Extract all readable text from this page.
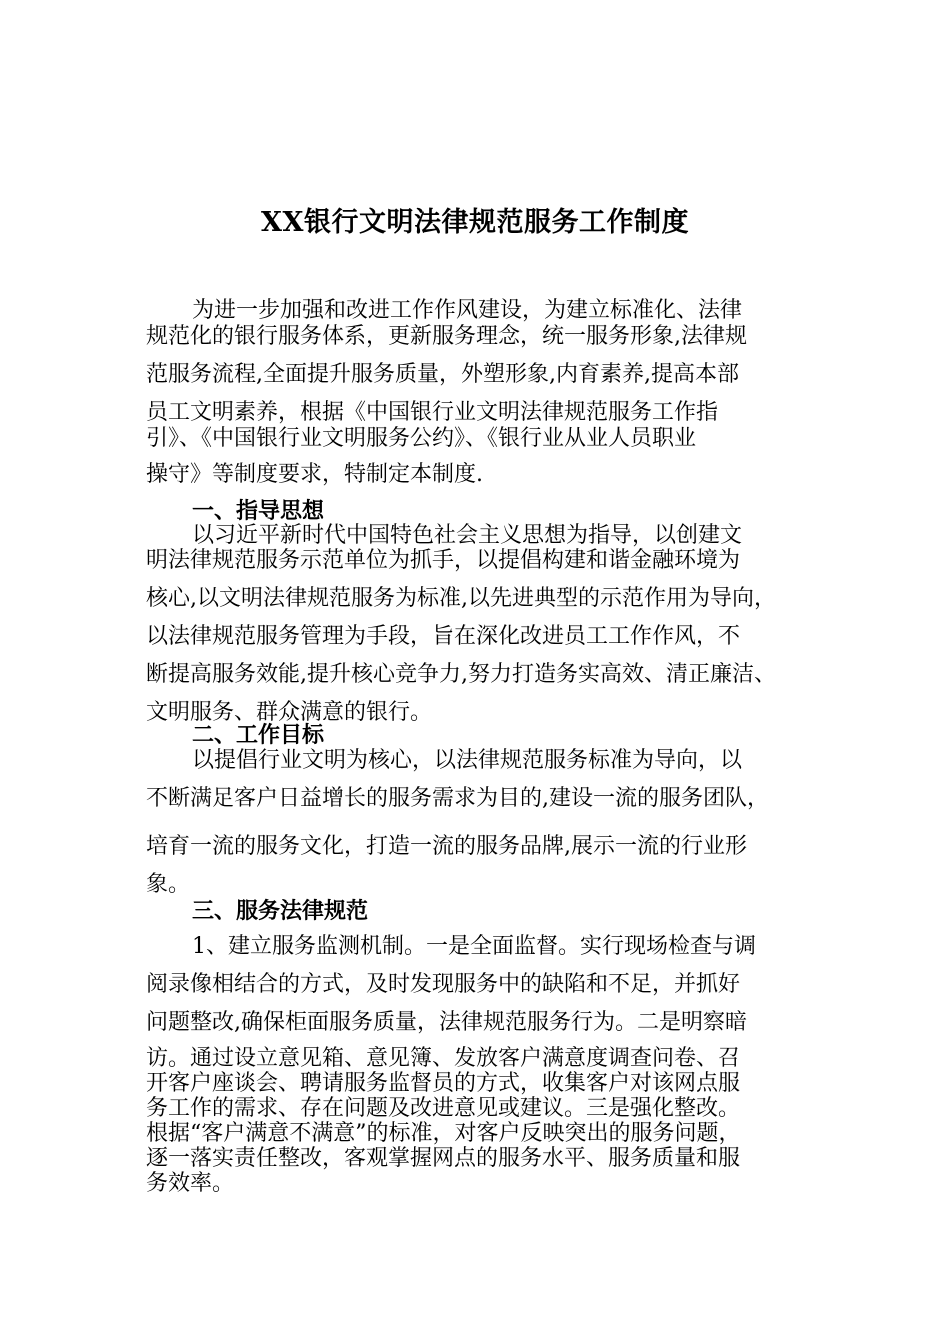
XX银行文明法律规范服务工作制度
为进一步加强和改进工作作风建设，为建立标准化、法律
规范化的银行服务体系，更新服务理念，统一服务形象,法律规
范服务流程,全面提升服务质量，外塑形象,内育素养,提高本部
员工文明素养，根据《中国银行业文明法律规范服务工作指
引》、《中国银行业文明服务公约》、《银行业从业人员职业
操守》等制度要求，特制定本制度.
一、指导思想
以习近平新时代中国特色社会主义思想为指导，以创建文
明法律规范服务示范单位为抓手，以提倡构建和谐金融环境为
核心,以文明法律规范服务为标准,以先进典型的示范作用为导向，
以法律规范服务管理为手段，旨在深化改进员工工作作风，不
断提高服务效能,提升核心竞争力,努力打造务实高效、清正廉洁、
文明服务、群众满意的银行。
二、工作目标
以提倡行业文明为核心，以法律规范服务标准为导向，以
不断满足客户日益增长的服务需求为目的,建设一流的服务团队，
培育一流的服务文化，打造一流的服务品牌,展示一流的行业形
象。
三、服务法律规范
1、建立服务监测机制。一是全面监督。实行现场检查与调
阅录像相结合的方式，及时发现服务中的缺陷和不足，并抓好
问题整改,确保柜面服务质量，法律规范服务行为。二是明察暗
访。通过设立意见箱、意见簿、发放客户满意度调查问卷、召
开客户座谈会、聘请服务监督员的方式，收集客户对该网点服
务工作的需求、存在问题及改进意见或建议。三是强化整改。
根据“客户满意不满意”的标准，对客户反映突出的服务问题，
逐一落实责任整改，客观掌握网点的服务水平、服务质量和服
务效率。
